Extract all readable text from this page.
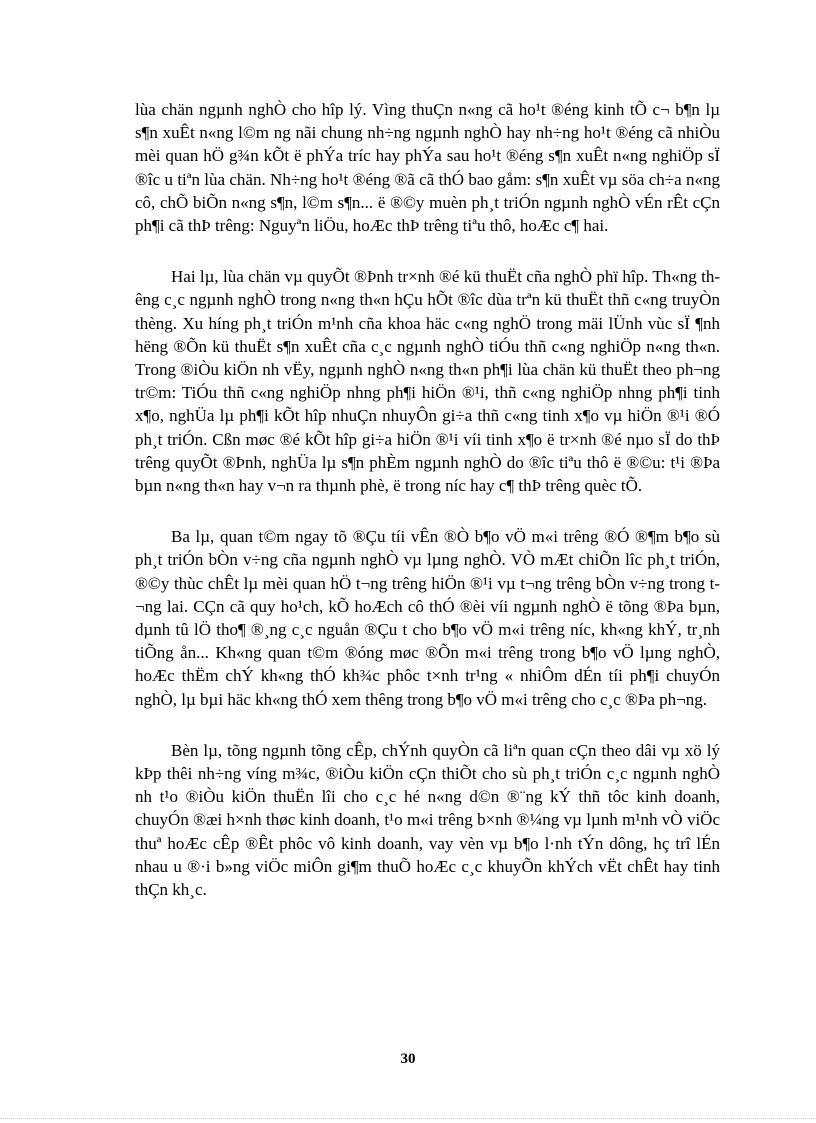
lùa chän ngµnh nghÒ cho hîp lý. Vìng thuÇn n«ng cã ho¹t ®éng kinh tÕ c¬ b¶n lµ s¶n xuÊt n«ng l©m ng nãi chung nh÷ng ngµnh nghÒ hay nh÷ng ho¹t ®éng cã nhiÒu mèi quan hÖ g¾n kÕt ë phÝa tríc hay phÝa sau ho¹t ®éng s¶n xuÊt n«ng nghiÖp sÏ ®îc u tiªn lùa chän. Nh÷ng ho¹t ®éng ®ã cã thÓ bao gåm: s¶n xuÊt vµ söa ch÷a n«ng cô, chÕ biÕn n«ng s¶n, l©m s¶n... ë ®©y muèn ph¸t triÓn ngµnh nghÒ vÉn rÊt cÇn ph¶i cã thÞ trêng: Nguyªn liÖu, hoÆc thÞ trêng tiªu thô, hoÆc c¶ hai.

Hai lµ, lùa chän vµ quyÕt ®Þnh tr×nh ®é kü thuËt cña nghÒ phï hîp. Th«ng thêng c¸c ngµnh nghÒ trong n«ng th«n hÇu hÕt ®îc dùa trªn kü thuËt thñ c«ng truyÒn thèng. Xu híng ph¸t triÓn m¹nh cña khoa häc c«ng nghÖ trong mäi lÜnh vùc sÏ ¶nh hëng ®Õn kü thuËt s¶n xuÊt cña c¸c ngµnh nghÒ tiÓu thñ c«ng nghiÖp n«ng th«n. Trong ®iÒu kiÖn nh vËy, ngµnh nghÒ n«ng th«n ph¶i lùa chän kü thuËt theo ph¬ng tr©m: TiÓu thñ c«ng nghiÖp nhng ph¶i hiÖn ®¹i, thñ c«ng nghiÖp nhng ph¶i tinh x¶o, nghÜa lµ ph¶i kÕt hîp nhuÇn nhuyÔn gi÷a thñ c«ng tinh x¶o vµ hiÖn ®¹i ®Ó ph¸t triÓn. Cßn møc ®é kÕt hîp gi÷a hiÖn ®¹i víi tinh x¶o ë tr×nh ®é nµo sÏ do thÞ trêng quyÕt ®Þnh, nghÜa lµ s¶n phÈm ngµnh nghÒ do ®îc tiªu thô ë ®©u: t¹i ®Þa bµn n«ng th«n hay v¬n ra thµnh phè, ë trong níc hay c¶ thÞ trêng quèc tÕ.

Ba lµ, quan t©m ngay tõ ®Çu tíi vÊn ®Ò b¶o vÖ m«i trêng ®Ó ®¶m b¶o sù ph¸t triÓn bÒn v÷ng cña ngµnh nghÒ vµ lµng nghÒ. VÒ mÆt chiÕn lîc ph¸t triÓn, ®©y thùc chÊt lµ mèi quan hÖ t¬ng trêng hiÖn ®¹i vµ t¬ng trêng bÒn v÷ng trong t¬ng lai. CÇn cã quy ho¹ch, kÕ hoÆch cô thÓ ®èi víi ngµnh nghÒ ë tõng ®Þa bµn, dµnh tû lÖ tho¶ ®¸ng c¸c nguån ®Çu t cho b¶o vÖ m«i trêng níc, kh«ng khÝ, tr¸nh tiÕng ån... Kh«ng quan t©m ®óng møc ®Õn m«i trêng trong b¶o vÖ lµng nghÒ, hoÆc thËm chÝ kh«ng thÓ kh¾c phôc t×nh tr¹ng « nhiÔm dÉn tíi ph¶i chuyÓn nghÒ, lµ bµi häc kh«ng thÓ xem thêng trong b¶o vÖ m«i trêng cho c¸c ®Þa ph¬ng.

Bèn lµ, tõng ngµnh tõng cÊp, chÝnh quyÒn cã liªn quan cÇn theo dâi vµ xö lý kÞp thêi nh÷ng víng m¾c, ®iÒu kiÖn cÇn thiÕt cho sù ph¸t triÓn c¸c ngµnh nghÒ nh t¹o ®iÒu kiÖn thuËn lîi cho c¸c hé n«ng d©n ®¨ng kÝ thñ tôc kinh doanh, chuyÓn ®æi h×nh thøc kinh doanh, t¹o m«i trêng b×nh ®¼ng vµ lµnh m¹nh vÒ viÖc thuª hoÆc cÊp ®Êt phôc vô kinh doanh, vay vèn vµ b¶o l·nh tÝn dông, hç trî lÉn nhau u ®·i b»ng viÖc miÔn gi¶m thuÕ hoÆc c¸c khuyÕn khÝch vËt chÊt hay tinh thÇn kh¸c.

30
